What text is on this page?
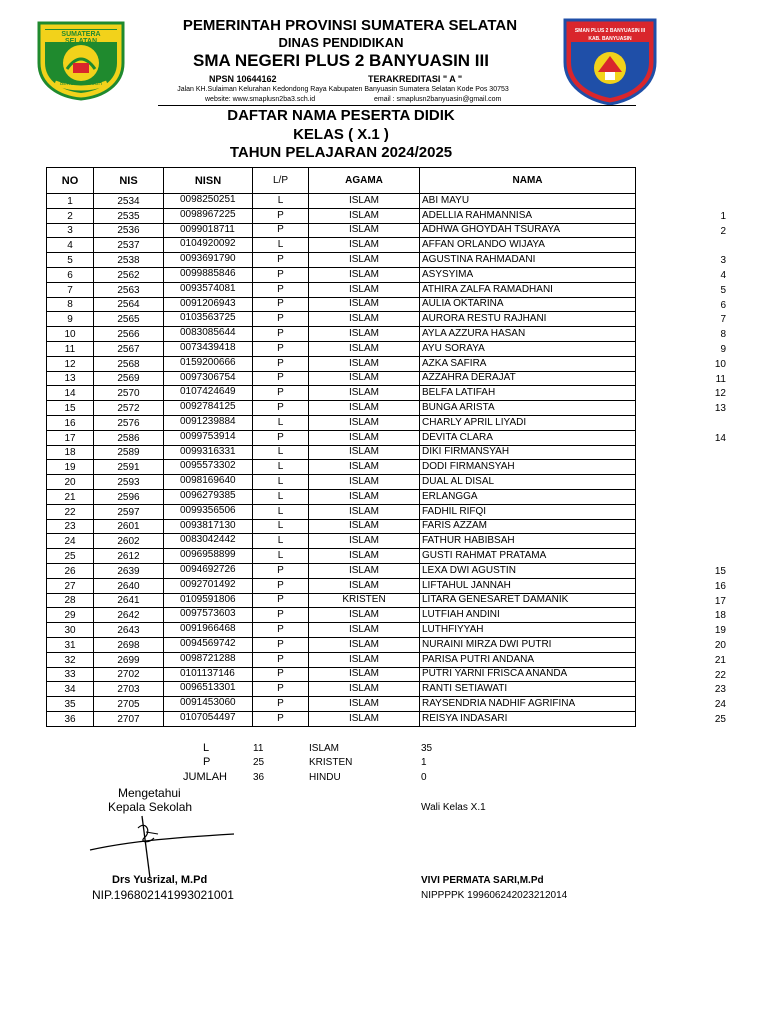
SUMATERA SELATAN
BERSATU TEGUH
SMAN PLUS 2 BANYUASIN III
KAB. BANYUASIN
PEMERINTAH PROVINSI SUMATERA SELATAN
DINAS PENDIDIKAN
SMA NEGERI PLUS 2 BANYUASIN III
NPSN 10644162	TERAKREDITASI " A "
Jalan KH.Sulaiman Kelurahan Kedondong Raya Kabupaten Banyuasin Sumatera Selatan Kode Pos 30753
website: www.smaplusn2ba3.sch.id	email : smaplusn2banyuasin@gmail.com
DAFTAR NAMA PESERTA DIDIK
KELAS ( X.1 )
TAHUN PELAJARAN 2024/2025
NO	NIS	NISN	L/P	AGAMA	NAMA
1	2534	0098250251	L	ISLAM	ABI MAYU
2	2535	0098967225	P	ISLAM	ADELLIA RAHMANNISA
3	2536	0099018711	P	ISLAM	ADHWA GHOYDAH TSURAYA
4	2537	0104920092	L	ISLAM	AFFAN ORLANDO WIJAYA
5	2538	0093691790	P	ISLAM	AGUSTINA RAHMADANI
6	2562	0099885846	P	ISLAM	ASYSYIMA
7	2563	0093574081	P	ISLAM	ATHIRA ZALFA RAMADHANI
8	2564	0091206943	P	ISLAM	AULIA OKTARINA
9	2565	0103563725	P	ISLAM	AURORA RESTU RAJHANI
10	2566	0083085644	P	ISLAM	AYLA AZZURA HASAN
11	2567	0073439418	P	ISLAM	AYU SORAYA
12	2568	0159200666	P	ISLAM	AZKA SAFIRA
13	2569	0097306754	P	ISLAM	AZZAHRA DERAJAT
14	2570	0107424649	P	ISLAM	BELFA LATIFAH
15	2572	0092784125	P	ISLAM	BUNGA ARISTA
16	2576	0091239884	L	ISLAM	CHARLY APRIL LIYADI
17	2586	0099753914	P	ISLAM	DEVITA CLARA
18	2589	0099316331	L	ISLAM	DIKI FIRMANSYAH
19	2591	0095573302	L	ISLAM	DODI FIRMANSYAH
20	2593	0098169640	L	ISLAM	DUAL AL DISAL
21	2596	0096279385	L	ISLAM	ERLANGGA
22	2597	0099356506	L	ISLAM	FADHIL RIFQI
23	2601	0093817130	L	ISLAM	FARIS AZZAM
24	2602	0083042442	L	ISLAM	FATHUR HABIBSAH
25	2612	0096958899	L	ISLAM	GUSTI RAHMAT PRATAMA
26	2639	0094692726	P	ISLAM	LEXA DWI AGUSTIN
27	2640	0092701492	P	ISLAM	LIFTAHUL JANNAH
28	2641	0109591806	P	KRISTEN	LITARA GENESARET DAMANIK
29	2642	0097573603	P	ISLAM	LUTFIAH ANDINI
30	2643	0091966468	P	ISLAM	LUTHFIYYAH
31	2698	0094569742	P	ISLAM	NURAINI MIRZA DWI PUTRI
32	2699	0098721288	P	ISLAM	PARISA PUTRI ANDANA
33	2702	0101137146	P	ISLAM	PUTRI YARNI FRISCA ANANDA
34	2703	0096513301	P	ISLAM	RANTI SETIAWATI
35	2705	0091453060	P	ISLAM	RAYSENDRIA NADHIF AGRIFINA
36	2707	0107054497	P	ISLAM	REISYA INDASARI
1
2
3
4
5
6
7
8
9
10
11
12
13
14
15
16
17
18
19
20
21
22
23
24
25
L	11
P	25
JUMLAH	36
ISLAM	35
KRISTEN	1
HINDU	0
Mengetahui
Kepala Sekolah
Drs Yusrizal, M.Pd
NIP.196802141993021001
Wali Kelas X.1
VIVI PERMATA SARI,M.Pd
NIPPPPK 199606242023212014
